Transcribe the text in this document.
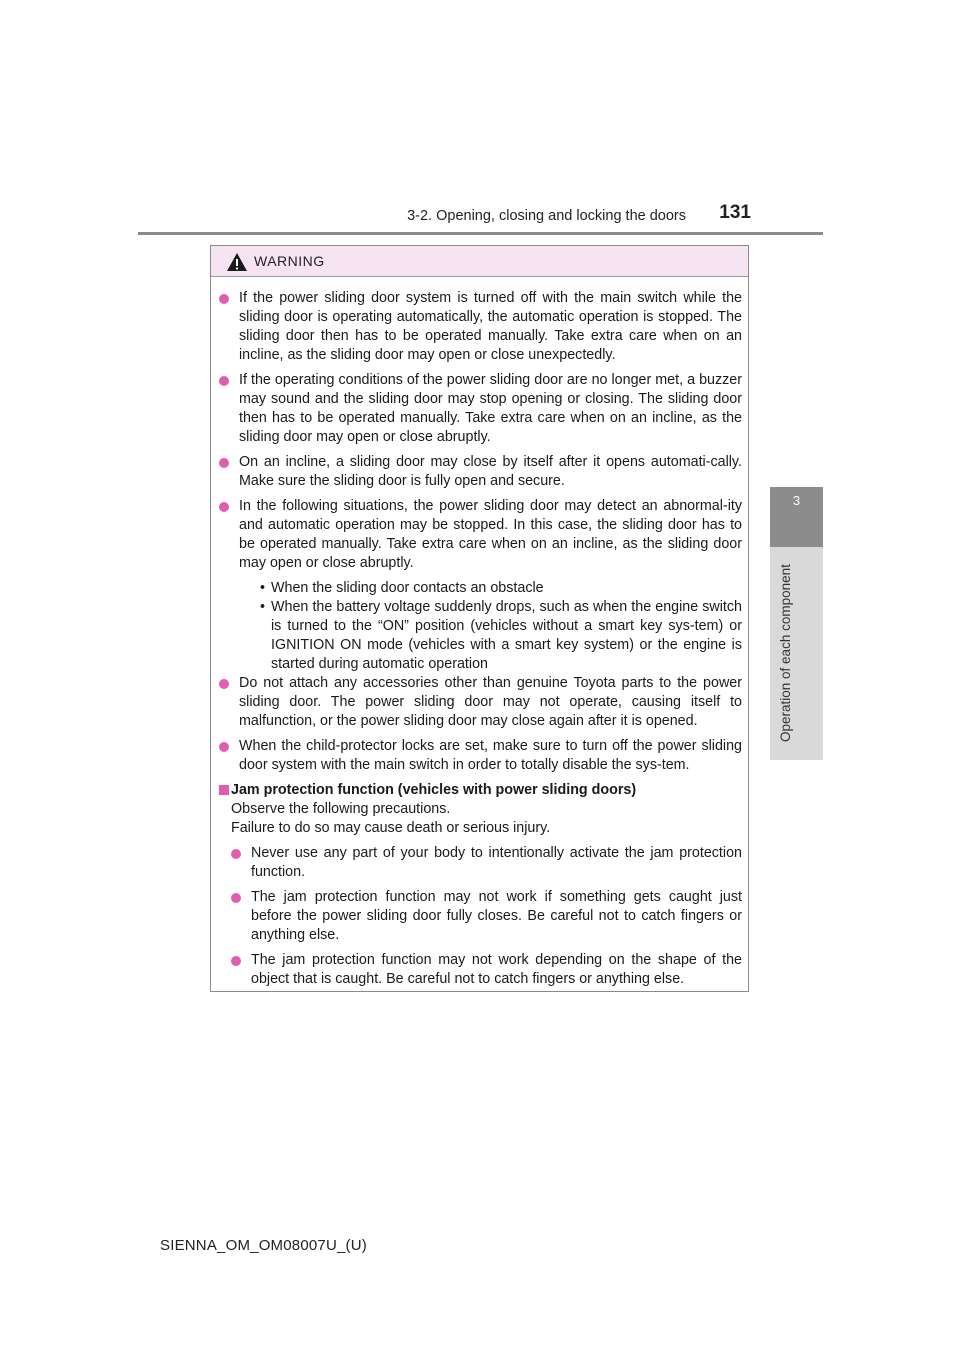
3-2. Opening, closing and locking the doors 131
3
Operation of each component
WARNING
If the power sliding door system is turned off with the main switch while the sliding door is operating automatically, the automatic operation is stopped. The sliding door then has to be operated manually. Take extra care when on an incline, as the sliding door may open or close unexpectedly.
If the operating conditions of the power sliding door are no longer met, a buzzer may sound and the sliding door may stop opening or closing. The sliding door then has to be operated manually. Take extra care when on an incline, as the sliding door may open or close abruptly.
On an incline, a sliding door may close by itself after it opens automati-cally. Make sure the sliding door is fully open and secure.
In the following situations, the power sliding door may detect an abnormal-ity and automatic operation may be stopped. In this case, the sliding door has to be operated manually. Take extra care when on an incline, as the sliding door may open or close abruptly.
• When the sliding door contacts an obstacle
• When the battery voltage suddenly drops, such as when the engine switch is turned to the “ON” position (vehicles without a smart key sys-tem) or IGNITION ON mode (vehicles with a smart key system) or the engine is started during automatic operation
Do not attach any accessories other than genuine Toyota parts to the power sliding door. The power sliding door may not operate, causing itself to malfunction, or the power sliding door may close again after it is opened.
When the child-protector locks are set, make sure to turn off the power sliding door system with the main switch in order to totally disable the sys-tem.
Jam protection function (vehicles with power sliding doors)
Observe the following precautions.
Failure to do so may cause death or serious injury.
Never use any part of your body to intentionally activate the jam protection function.
The jam protection function may not work if something gets caught just before the power sliding door fully closes. Be careful not to catch fingers or anything else.
The jam protection function may not work depending on the shape of the object that is caught. Be careful not to catch fingers or anything else.
SIENNA_OM_OM08007U_(U)
